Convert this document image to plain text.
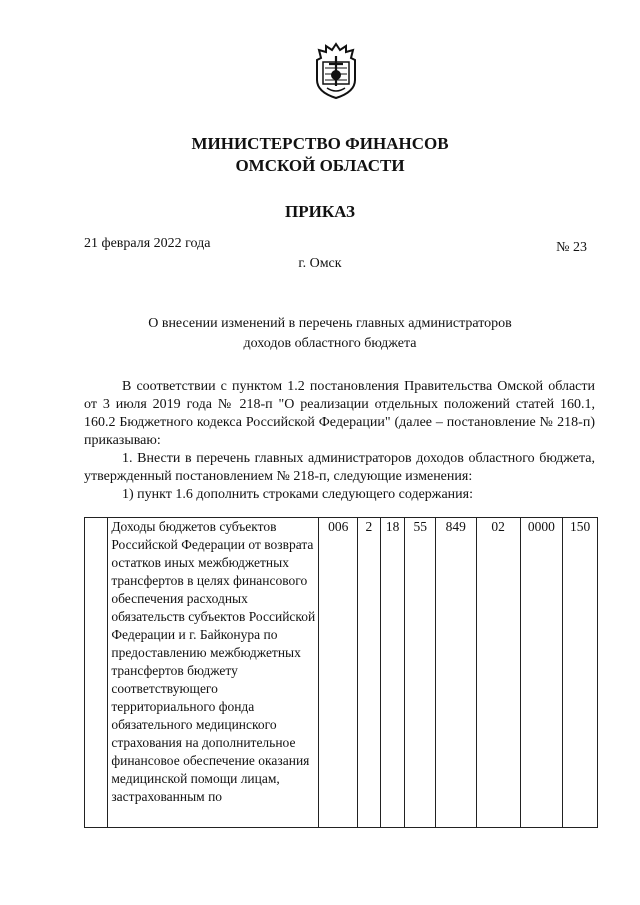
МИНИСТЕРСТВО ФИНАНСОВ
ОМСКОЙ ОБЛАСТИ
ПРИКАЗ
21 февраля 2022 года	№ 23
г. Омск
О внесении изменений в перечень главных администраторов
доходов областного бюджета

В соответствии с пунктом 1.2 постановления Правительства Омской области от 3 июля 2019 года № 218-п "О реализации отдельных положений статей 160.1, 160.2 Бюджетного кодекса Российской Федерации" (далее – постановление № 218-п) приказываю:

1. Внести в перечень главных администраторов доходов областного бюджета, утвержденный постановлением № 218-п, следующие изменения:

1) пункт 1.6 дополнить строками следующего содержания:

	Доходы бюджетов субъектов Российской Федерации от возврата остатков иных межбюджетных трансфертов в целях финансового обеспечения расходных обязательств субъектов Российской Федерации и г. Байконура по предоставлению межбюджетных трансфертов бюджету соответствующего территориального фонда обязательного медицинского страхования на дополнительное финансовое обеспечение оказания медицинской помощи лицам, застрахованным по	006	2	18	55	849	02	0000	150
